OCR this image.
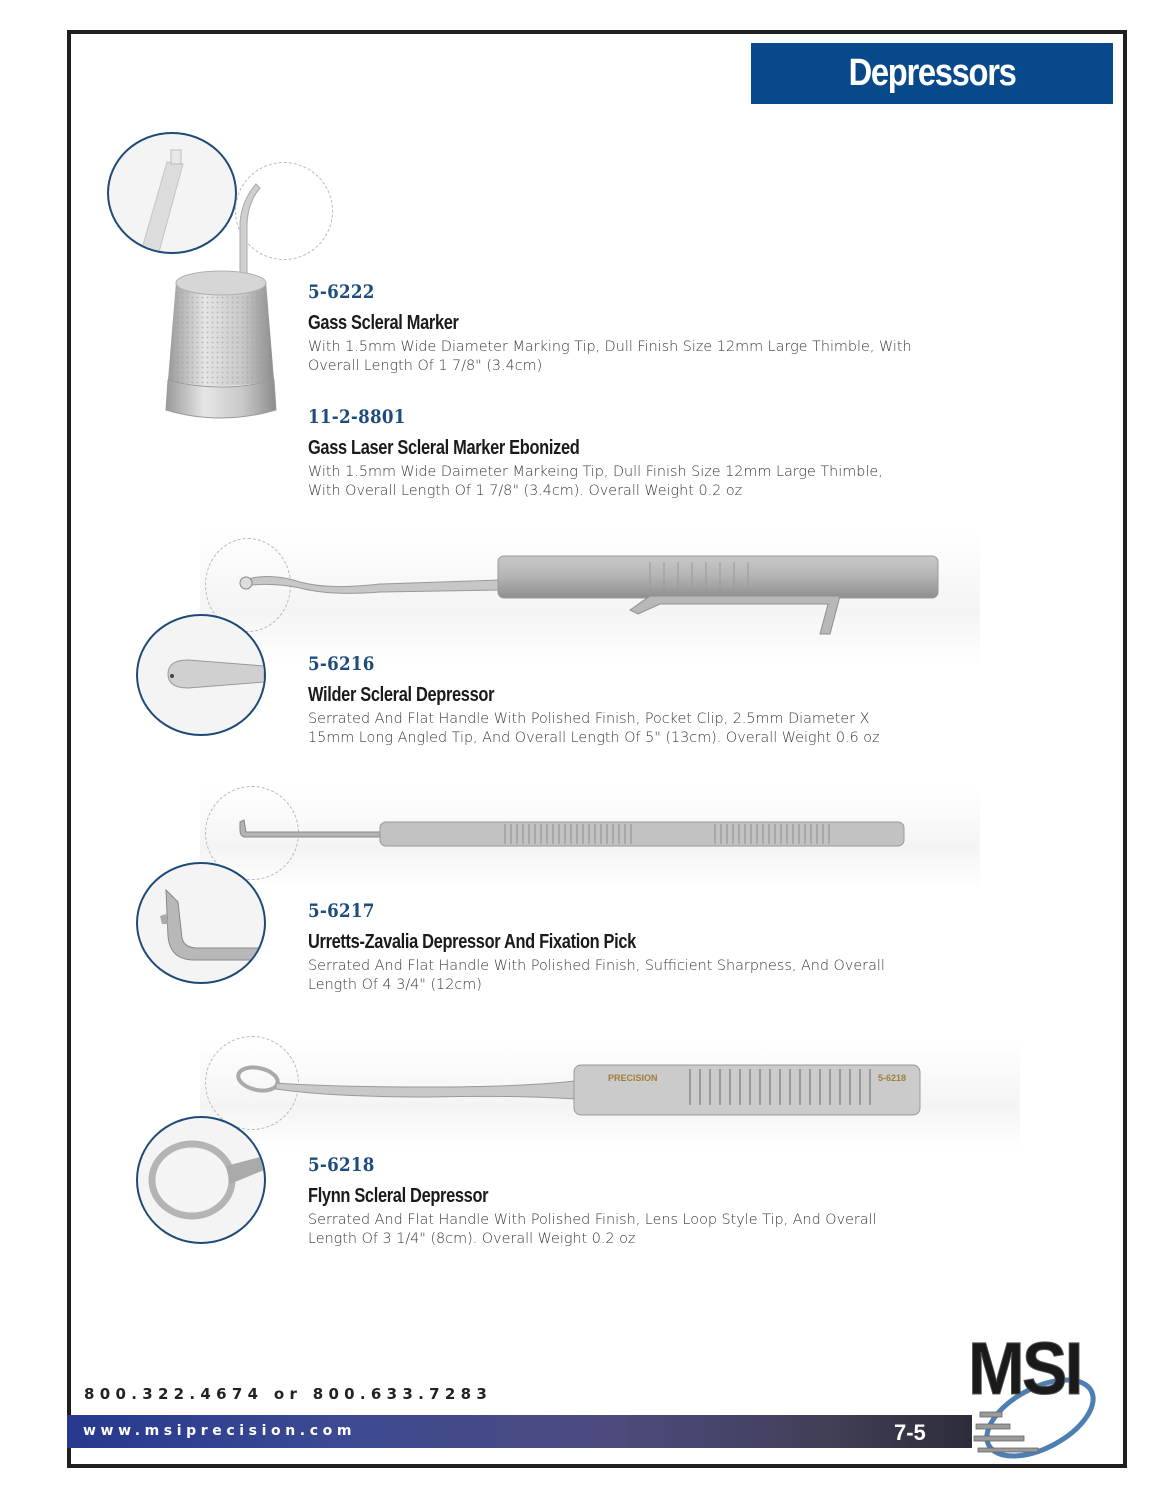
Depressors
5-6222
Gass Scleral Marker
With 1.5mm Wide Diameter Marking Tip, Dull Finish Size 12mm Large Thimble, With
Overall Length Of 1 7/8" (3.4cm)
11-2-8801
Gass Laser Scleral Marker Ebonized
With 1.5mm Wide Daimeter Markeing Tip, Dull Finish Size 12mm Large Thimble,
With Overall Length Of 1 7/8" (3.4cm). Overall Weight 0.2 oz
5-6216
Wilder Scleral Depressor
Serrated And Flat Handle With Polished Finish, Pocket Clip, 2.5mm Diameter X
15mm Long Angled Tip, And Overall Length Of 5" (13cm). Overall Weight 0.6 oz
5-6217
Urretts-Zavalia Depressor And Fixation Pick
Serrated And Flat Handle With Polished Finish, Sufficient Sharpness, And Overall
Length Of 4 3/4" (12cm)
PRECISION	5-6218
5-6218
Flynn Scleral Depressor
Serrated And Flat Handle With Polished Finish, Lens Loop Style Tip, And Overall
Length Of 3 1/4" (8cm). Overall Weight 0.2 oz
800.322.4674 or 800.633.7283
www.msiprecision.com	7-5
MSI
